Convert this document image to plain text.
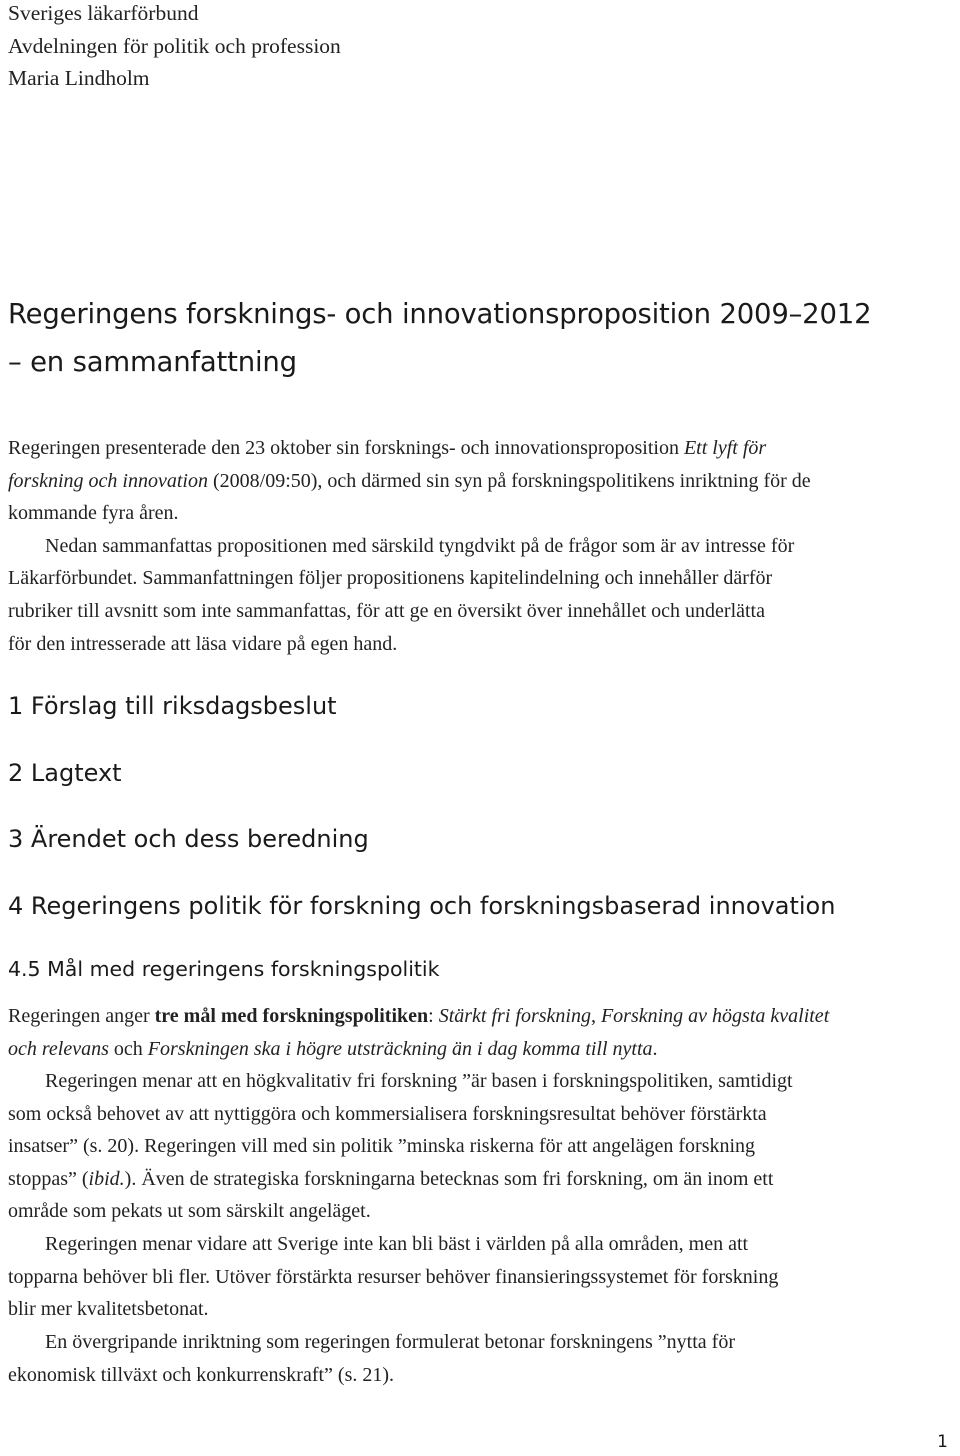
Sveriges läkarförbund
Avdelningen för politik och profession
Maria Lindholm
Regeringens forsknings- och innovationsproposition 2009–2012
– en sammanfattning

Regeringen presenterade den 23 oktober sin forsknings- och innovationsproposition Ett lyft för
forskning och innovation (2008/09:50), och därmed sin syn på forskningspolitikens inriktning för de
kommande fyra åren.
Nedan sammanfattas propositionen med särskild tyngdvikt på de frågor som är av intresse för
Läkarförbundet. Sammanfattningen följer propositionens kapitelindelning och innehåller därför
rubriker till avsnitt som inte sammanfattas, för att ge en översikt över innehållet och underlätta
för den intresserade att läsa vidare på egen hand.

1 Förslag till riksdagsbeslut
2 Lagtext
3 Ärendet och dess beredning
4 Regeringens politik för forskning och forskningsbaserad innovation
4.5 Mål med regeringens forskningspolitik

Regeringen anger tre mål med forskningspolitiken: Stärkt fri forskning, Forskning av högsta kvalitet
och relevans och Forskningen ska i högre utsträckning än i dag komma till nytta.

Regeringen menar att en högkvalitativ fri forskning ”är basen i forskningspolitiken, samtidigt
som också behovet av att nyttiggöra och kommersialisera forskningsresultat behöver förstärkta
insatser” (s. 20). Regeringen vill med sin politik ”minska riskerna för att angelägen forskning
stoppas” (ibid.). Även de strategiska forskningarna betecknas som fri forskning, om än inom ett
område som pekats ut som särskilt angeläget.

Regeringen menar vidare att Sverige inte kan bli bäst i världen på alla områden, men att
topparna behöver bli fler. Utöver förstärkta resurser behöver finansieringssystemet för forskning
blir mer kvalitetsbetonat.

En övergripande inriktning som regeringen formulerat betonar forskningens ”nytta för
ekonomisk tillväxt och konkurrenskraft” (s. 21).

1
